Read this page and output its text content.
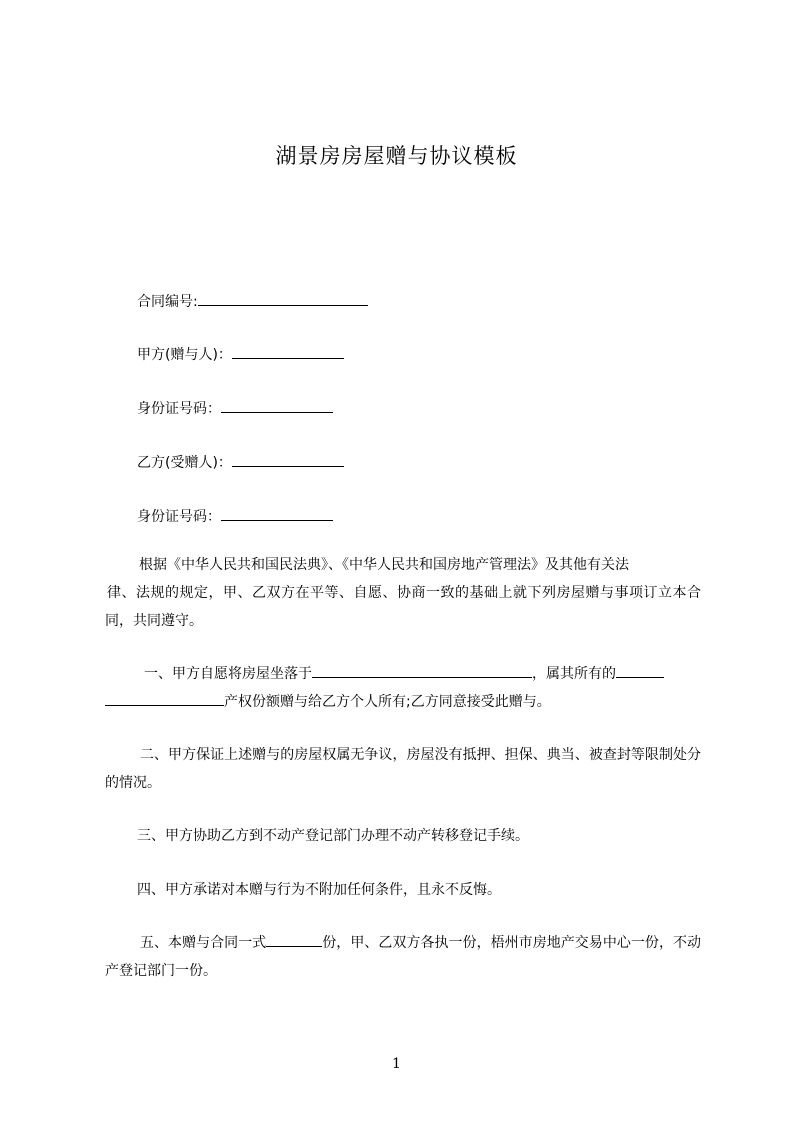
湖景房房屋赠与协议模板
合同编号:
甲方(赠与人)：
身份证号码：
乙方(受赠人)：
身份证号码：
根据《中华人民共和国民法典》、《中华人民共和国房地产管理法》及其他有关法
律、法规的规定，甲、乙双方在平等、自愿、协商一致的基础上就下列房屋赠与事项订立本合同，共同遵守。
一、甲方自愿将房屋坐落于	，属其所有的
产权份额赠与给乙方个人所有;乙方同意接受此赠与。
二、甲方保证上述赠与的房屋权属无争议，房屋没有抵押、担保、典当、被查封等限制处分的情况。
三、甲方协助乙方到不动产登记部门办理不动产转移登记手续。
四、甲方承诺对本赠与行为不附加任何条件，且永不反悔。
五、本赠与合同一式	份，甲、乙双方各执一份，梧州市房地产交易中心一份，不动产登记部门一份。
1
